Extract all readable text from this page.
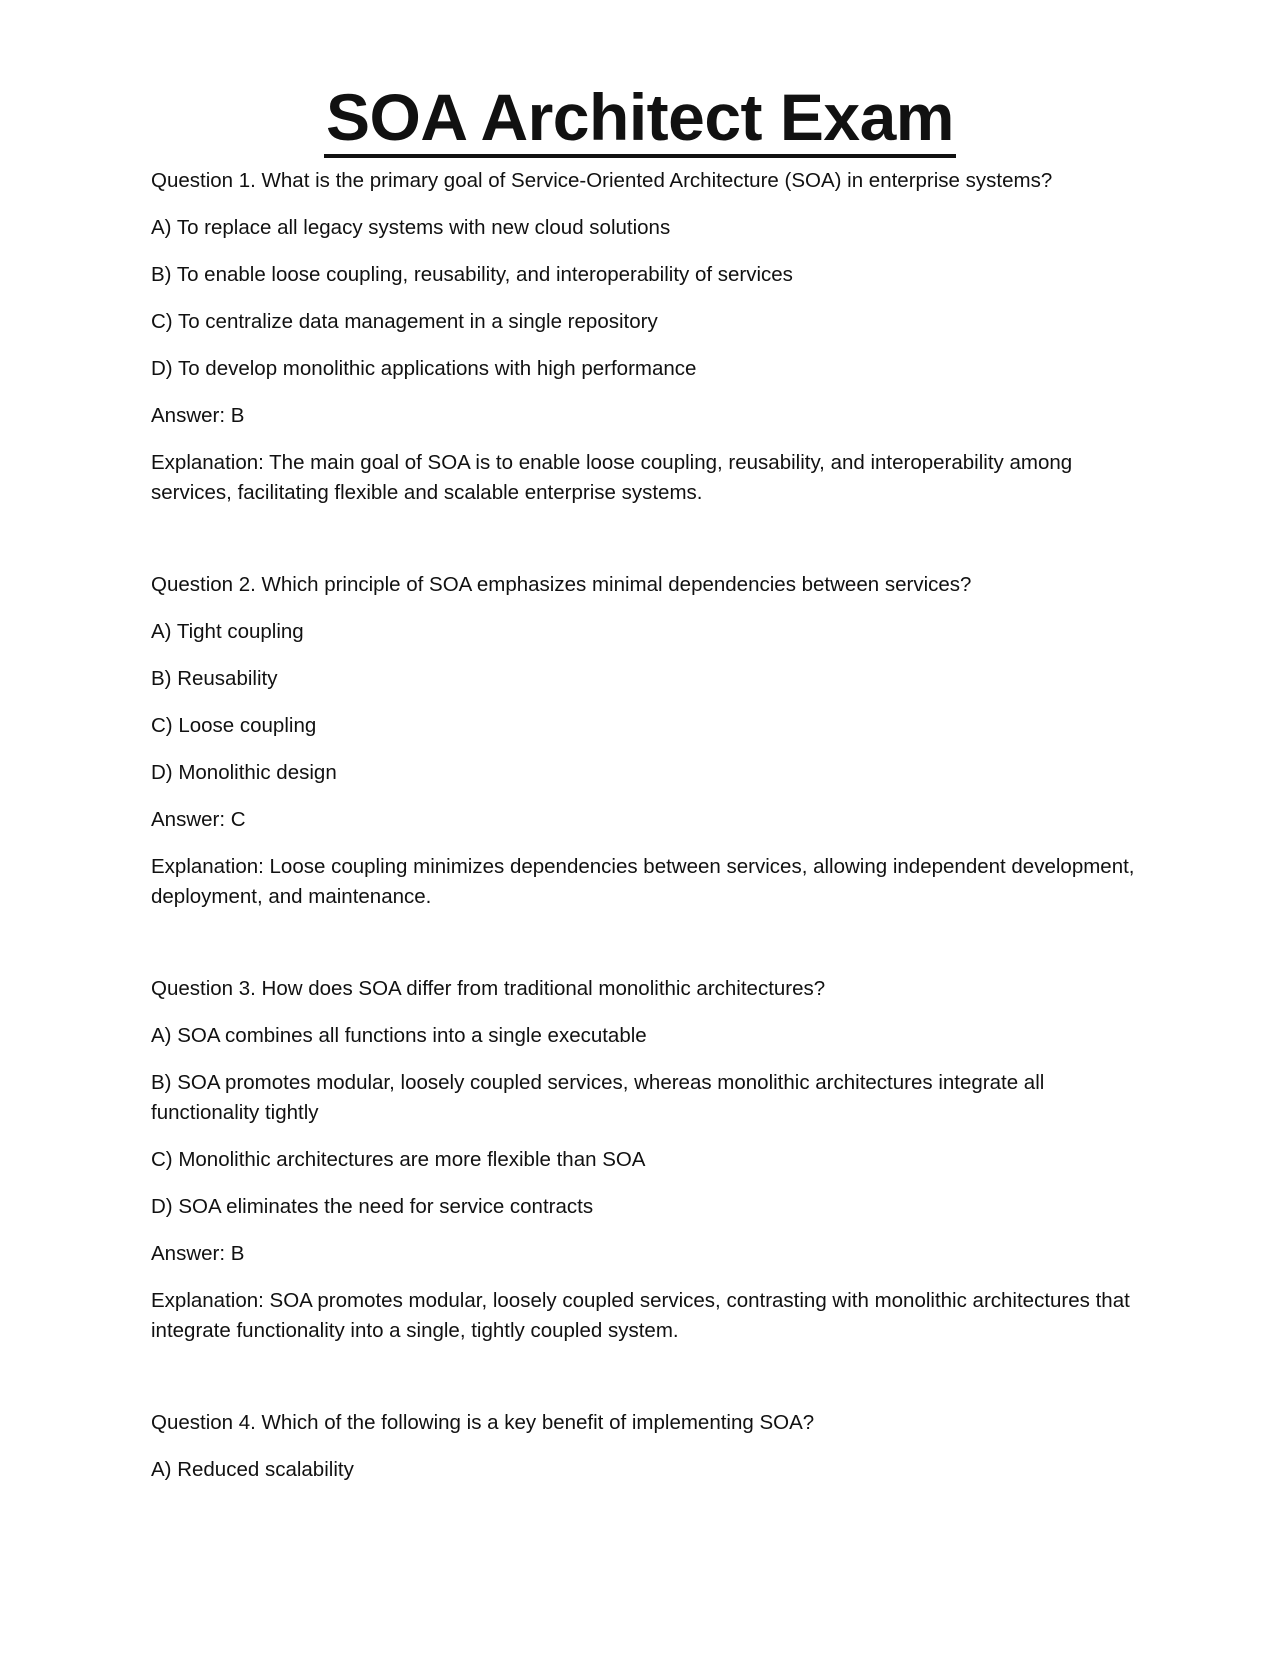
SOA Architect Exam

Question 1. What is the primary goal of Service-Oriented Architecture (SOA) in enterprise systems?

A) To replace all legacy systems with new cloud solutions

B) To enable loose coupling, reusability, and interoperability of services

C) To centralize data management in a single repository

D) To develop monolithic applications with high performance

Answer: B

Explanation: The main goal of SOA is to enable loose coupling, reusability, and interoperability among services, facilitating flexible and scalable enterprise systems.

Question 2. Which principle of SOA emphasizes minimal dependencies between services?

A) Tight coupling

B) Reusability

C) Loose coupling

D) Monolithic design

Answer: C

Explanation: Loose coupling minimizes dependencies between services, allowing independent development, deployment, and maintenance.

Question 3. How does SOA differ from traditional monolithic architectures?

A) SOA combines all functions into a single executable

B) SOA promotes modular, loosely coupled services, whereas monolithic architectures integrate all functionality tightly

C) Monolithic architectures are more flexible than SOA

D) SOA eliminates the need for service contracts

Answer: B

Explanation: SOA promotes modular, loosely coupled services, contrasting with monolithic architectures that integrate functionality into a single, tightly coupled system.

Question 4. Which of the following is a key benefit of implementing SOA?

A) Reduced scalability
